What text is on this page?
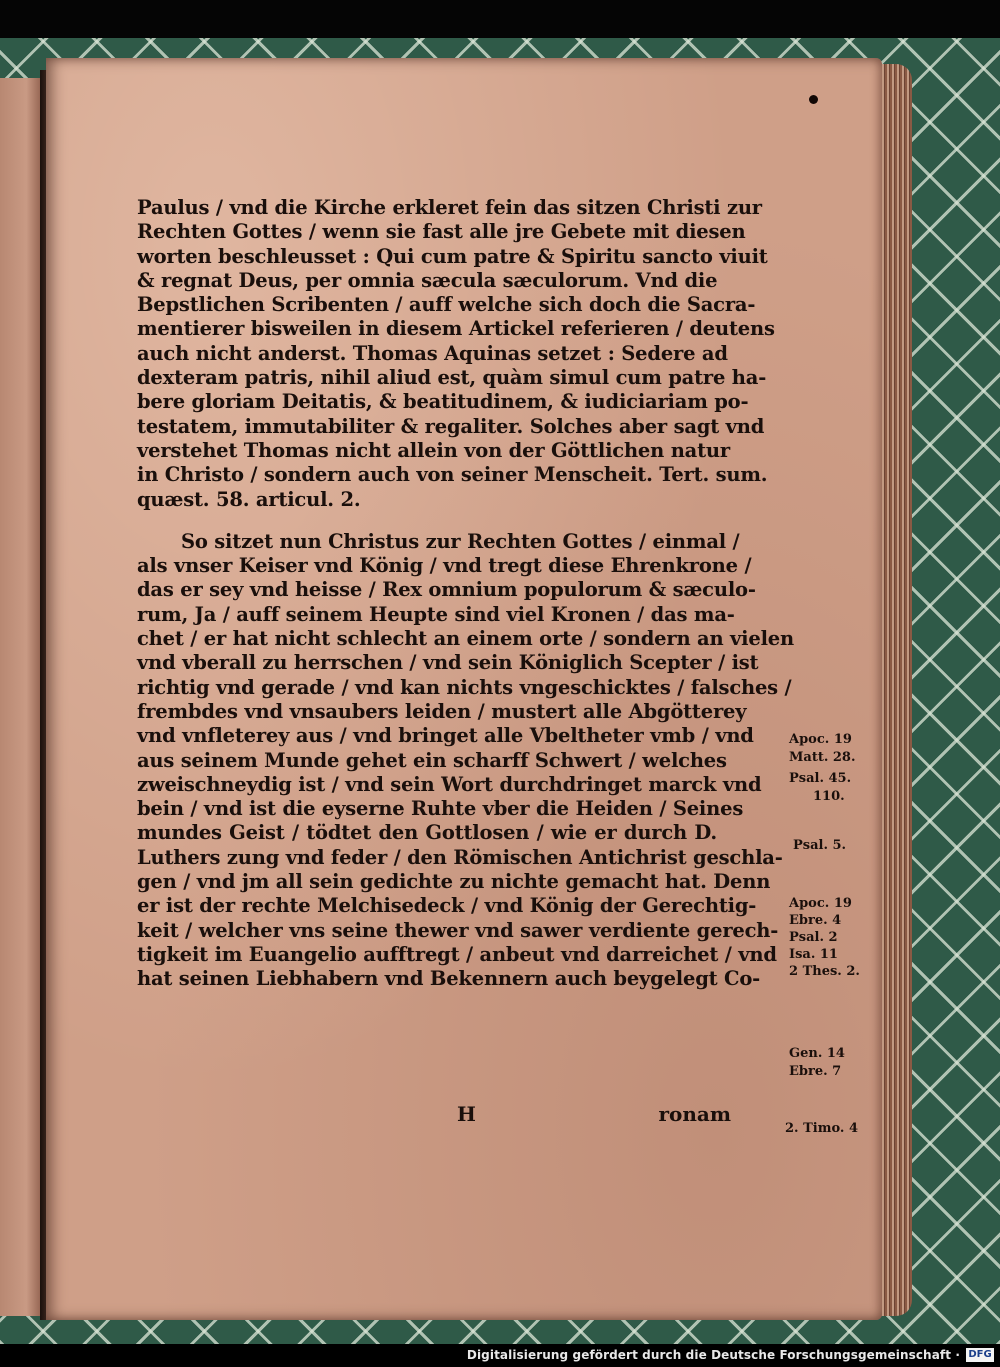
Paulus / vnd die Kirche erkleret fein das sitzen Christi zur
Rechten Gottes / wenn sie fast alle jre Gebete mit diesen
worten beschleusset : Qui cum patre & Spiritu sancto viuit
& regnat Deus, per omnia sæcula sæculorum. Vnd die
Bepstlichen Scribenten / auff welche sich doch die Sacra-
mentierer bisweilen in diesem Artickel referieren / deutens
auch nicht anderst. Thomas Aquinas setzet : Sedere ad
dexteram patris, nihil aliud est, quàm simul cum patre ha-
bere gloriam Deitatis, & beatitudinem, & iudiciariam po-
testatem, immutabiliter & regaliter. Solches aber sagt vnd
verstehet Thomas nicht allein von der Göttlichen natur
in Christo / sondern auch von seiner Menscheit. Tert. sum.
quæst. 58. articul. 2.
So sitzet nun Christus zur Rechten Gottes / einmal /
als vnser Keiser vnd König / vnd tregt diese Ehrenkrone /
das er sey vnd heisse / Rex omnium populorum & sæculo-
rum, Ja / auff seinem Heupte sind viel Kronen / das ma-
chet / er hat nicht schlecht an einem orte / sondern an vielen
vnd vberall zu herrschen / vnd sein Königlich Scepter / ist
richtig vnd gerade / vnd kan nichts vngeschicktes / falsches /
frembdes vnd vnsaubers leiden / mustert alle Abgötterey
vnd vnfleterey aus / vnd bringet alle Vbeltheter vmb / vnd
aus seinem Munde gehet ein scharff Schwert / welches
zweischneydig ist / vnd sein Wort durchdringet marck vnd
bein / vnd ist die eyserne Ruhte vber die Heiden / Seines
mundes Geist / tödtet den Gottlosen / wie er durch D.
Luthers zung vnd feder / den Römischen Antichrist geschla-
gen / vnd jm all sein gedichte zu nichte gemacht hat. Denn
er ist der rechte Melchisedeck / vnd König der Gerechtig-
keit / welcher vns seine thewer vnd sawer verdiente gerech-
tigkeit im Euangelio aufftregt / anbeut vnd darreichet / vnd
hat seinen Liebhabern vnd Bekennern auch beygelegt Co-
Apoc. 19
Matt. 28.
Psal. 45.
110.
Psal. 5.
Apoc. 19
Ebre. 4
Psal. 2
Isa. 11
2 Thes. 2.
Gen. 14
Ebre. 7
2. Timo. 4
H	ronam
Digitalisierung gefördert durch die Deutsche Forschungsgemeinschaft · DFG
